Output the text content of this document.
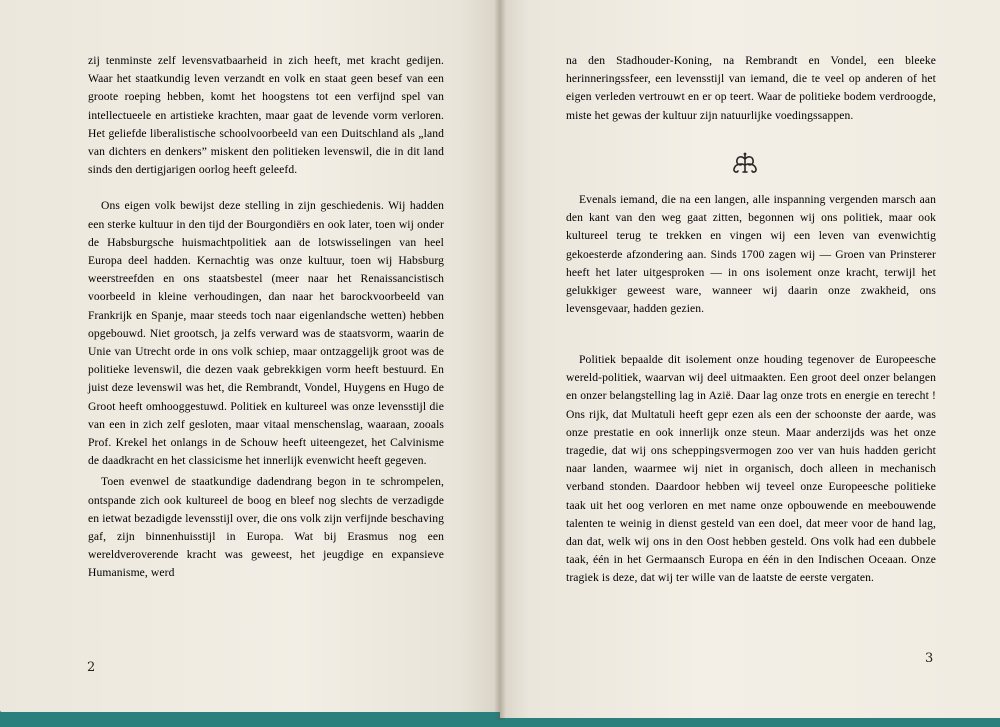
zij tenminste zelf levensvatbaarheid in zich heeft, met kracht gedijen. Waar het staatkundig leven verzandt en volk en staat geen besef van een groote roeping hebben, komt het hoogstens tot een verfijnd spel van intellectueele en artistieke krachten, maar gaat de levende vorm verloren. Het geliefde liberalistische schoolvoorbeeld van een Duitschland als „land van dichters en denkers” miskent den politieken levenswil, die in dit land sinds den dertigjarigen oorlog heeft geleefd.

Ons eigen volk bewijst deze stelling in zijn geschiedenis. Wij hadden een sterke kultuur in den tijd der Bourgondiërs en ook later, toen wij onder de Habsburgsche huismachtpolitiek aan de lotswisselingen van heel Europa deel hadden. Kernachtig was onze kultuur, toen wij Habsburg weerstreefden en ons staatsbestel (meer naar het Renaissancistisch voorbeeld in kleine verhoudingen, dan naar het barockvoorbeeld van Frankrijk en Spanje, maar steeds toch naar eigenlandsche wetten) hebben opgebouwd. Niet grootsch, ja zelfs verward was de staatsvorm, waarin de Unie van Utrecht orde in ons volk schiep, maar ontzaggelijk groot was de politieke levenswil, die dezen vaak gebrekkigen vorm heeft bestuurd. En juist deze levenswil was het, die Rembrandt, Vondel, Huygens en Hugo de Groot heeft omhooggestuwd. Politiek en kultureel was onze levensstijl die van een in zich zelf gesloten, maar vitaal menschenslag, waaraan, zooals Prof. Krekel het onlangs in de Schouw heeft uiteengezet, het Calvinisme de daadkracht en het classicisme het innerlijk evenwicht heeft gegeven.

Toen evenwel de staatkundige dadendrang begon in te schrompelen, ontspande zich ook kultureel de boog en bleef nog slechts de verzadigde en ietwat bezadigde levensstijl over, die ons volk zijn verfijnde beschaving gaf, zijn binnenhuisstijl in Europa. Wat bij Erasmus nog een wereldveroverende kracht was geweest, het jeugdige en expansieve Humanisme, werd

2

na den Stadhouder-Koning, na Rembrandt en Vondel, een bleeke herinneringssfeer, een levensstijl van iemand, die te veel op anderen of het eigen verleden vertrouwt en er op teert. Waar de politieke bodem verdroogde, miste het gewas der kultuur zijn natuurlijke voedingssappen.

Evenals iemand, die na een langen, alle inspanning vergenden marsch aan den kant van den weg gaat zitten, begonnen wij ons politiek, maar ook kultureel terug te trekken en vingen wij een leven van evenwichtig gekoesterde afzondering aan. Sinds 1700 zagen wij — Groen van Prinsterer heeft het later uitgesproken — in ons isolement onze kracht, terwijl het gelukkiger geweest ware, wanneer wij daarin onze zwakheid, ons levensgevaar, hadden gezien.

Politiek bepaalde dit isolement onze houding tegenover de Europeesche wereld-politiek, waarvan wij deel uitmaakten. Een groot deel onzer belangen en onzer belangstelling lag in Azië. Daar lag onze trots en energie en terecht ! Ons rijk, dat Multatuli heeft gepr ezen als een der schoonste der aarde, was onze prestatie en ook innerlijk onze steun. Maar anderzijds was het onze tragedie, dat wij ons scheppingsvermogen zoo ver van huis hadden gericht naar landen, waarmee wij niet in organisch, doch alleen in mechanisch verband stonden. Daardoor hebben wij teveel onze Europeesche politieke taak uit het oog verloren en met name onze opbouwende en meebouwende talenten te weinig in dienst gesteld van een doel, dat meer voor de hand lag, dan dat, welk wij ons in den Oost hebben gesteld. Ons volk had een dubbele taak, één in het Germaansch Europa en één in den Indischen Oceaan. Onze tragiek is deze, dat wij ter wille van de laatste de eerste vergaten.

3
